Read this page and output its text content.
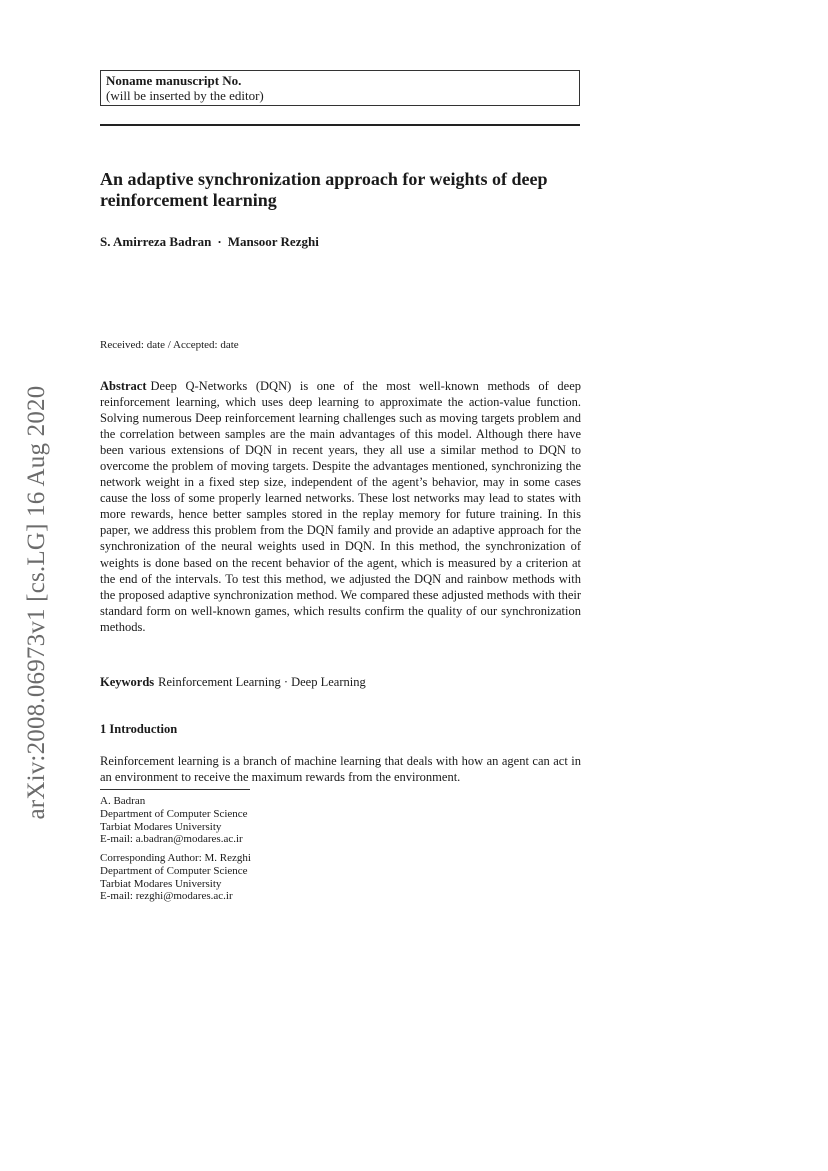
arXiv:2008.06973v1 [cs.LG] 16 Aug 2020
Noname manuscript No.
(will be inserted by the editor)
An adaptive synchronization approach for weights of deep reinforcement learning
S. Amirreza Badran · Mansoor Rezghi
Received: date / Accepted: date

Abstract Deep Q-Networks (DQN) is one of the most well-known methods of deep reinforcement learning, which uses deep learning to approximate the action-value function. Solving numerous Deep reinforcement learning challenges such as moving targets problem and the correlation between samples are the main advantages of this model. Although there have been various extensions of DQN in recent years, they all use a similar method to DQN to overcome the problem of moving targets. Despite the advantages mentioned, synchronizing the network weight in a fixed step size, independent of the agent’s behavior, may in some cases cause the loss of some properly learned networks. These lost networks may lead to states with more rewards, hence better samples stored in the replay memory for future training. In this paper, we address this problem from the DQN family and provide an adaptive approach for the synchronization of the neural weights used in DQN. In this method, the synchronization of weights is done based on the recent behavior of the agent, which is measured by a criterion at the end of the intervals. To test this method, we adjusted the DQN and rainbow methods with the proposed adaptive synchronization method. We compared these adjusted methods with their standard form on well-known games, which results confirm the quality of our synchronization methods.

Keywords Reinforcement Learning · Deep Learning
1 Introduction

Reinforcement learning is a branch of machine learning that deals with how an agent can act in an environment to receive the maximum rewards from the environment.

A. Badran
Department of Computer Science
Tarbiat Modares University
E-mail: a.badran@modares.ac.ir
Corresponding Author: M. Rezghi
Department of Computer Science
Tarbiat Modares University
E-mail: rezghi@modares.ac.ir
